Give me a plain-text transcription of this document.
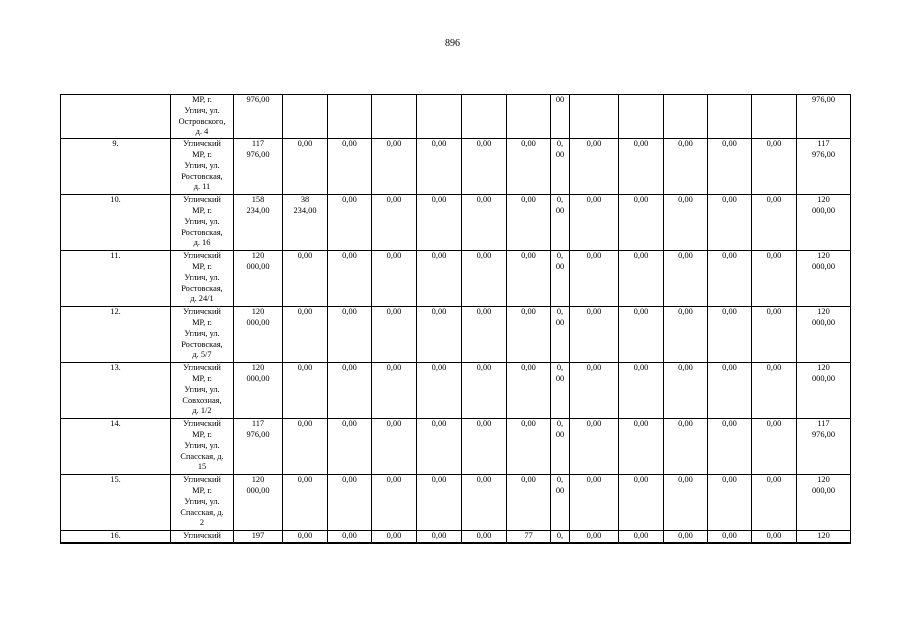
896

	МР, г.
Углич, ул.
Островского,
д. 4	976,00							00						976,00

9.	Угличский
МР, г.
Углич, ул.
Ростовская,
д. 11	117
976,00	0,00	0,00	0,00	0,00	0,00	0,00	0,
00	0,00	0,00	0,00	0,00	0,00	117
976,00

10.	Угличский
МР, г.
Углич, ул.
Ростовская,
д. 16	158
234,00	38
234,00	0,00	0,00	0,00	0,00	0,00	0,
00	0,00	0,00	0,00	0,00	0,00	120
000,00

11.	Угличский
МР, г.
Углич, ул.
Ростовская,
д. 24/1	120
000,00	0,00	0,00	0,00	0,00	0,00	0,00	0,
00	0,00	0,00	0,00	0,00	0,00	120
000,00

12.	Угличский
МР, г.
Углич, ул.
Ростовская,
д. 5/7	120
000,00	0,00	0,00	0,00	0,00	0,00	0,00	0,
00	0,00	0,00	0,00	0,00	0,00	120
000,00

13.	Угличский
МР, г.
Углич, ул.
Совхозная,
д. 1/2	120
000,00	0,00	0,00	0,00	0,00	0,00	0,00	0,
00	0,00	0,00	0,00	0,00	0,00	120
000,00

14.	Угличский
МР, г.
Углич, ул.
Спасская, д.
15	117
976,00	0,00	0,00	0,00	0,00	0,00	0,00	0,
00	0,00	0,00	0,00	0,00	0,00	117
976,00

15.	Угличский
МР, г.
Углич, ул.
Спасская, д.
2	120
000,00	0,00	0,00	0,00	0,00	0,00	0,00	0,
00	0,00	0,00	0,00	0,00	0,00	120
000,00

16.	Угличский	197	0,00	0,00	0,00	0,00	0,00	77	0,	0,00	0,00	0,00	0,00	0,00	120
